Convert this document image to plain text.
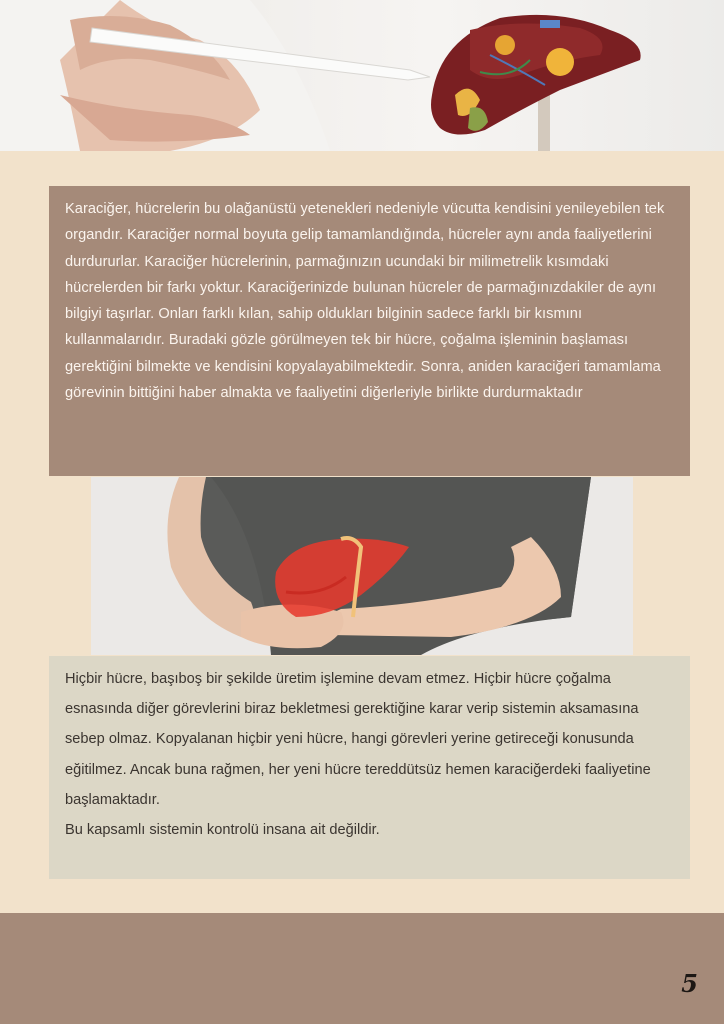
Karaciğer, hücrelerin bu olağanüstü yetenekleri nedeniyle vücutta kendisini yenileyebilen tek organdır. Karaciğer normal boyuta gelip tamamlandığında, hücreler aynı anda faaliyetlerini durdururlar. Karaciğer hücrelerinin, parmağınızın ucundaki bir milimetrelik kısımdaki hücrelerden bir farkı yoktur. Karaciğerinizde bulunan hücreler de parmağınızdakiler de aynı bilgiyi taşırlar. Onları farklı kılan, sahip oldukları bilginin sadece farklı bir kısmını kullanmalarıdır. Buradaki gözle görülmeyen tek bir hücre, çoğalma işleminin başlaması gerektiğini bilmekte ve kendisini kopyalayabilmektedir. Sonra, aniden karaciğeri tamamlama görevinin bittiğini haber almakta ve faaliyetini diğerleriyle birlikte durdurmaktadır

Hiçbir hücre, başıboş bir şekilde üretim işlemine devam etmez. Hiçbir hücre çoğalma esnasında diğer görevlerini biraz bekletmesi gerektiğine karar verip sistemin aksamasına sebep olmaz. Kopyalanan hiçbir yeni hücre, hangi görevleri yerine getireceği konusunda eğitilmez. Ancak buna rağmen, her yeni hücre tereddütsüz hemen karaciğerdeki faaliyetine başlamaktadır.

Bu kapsamlı sistemin kontrolü insana ait değildir.

5
